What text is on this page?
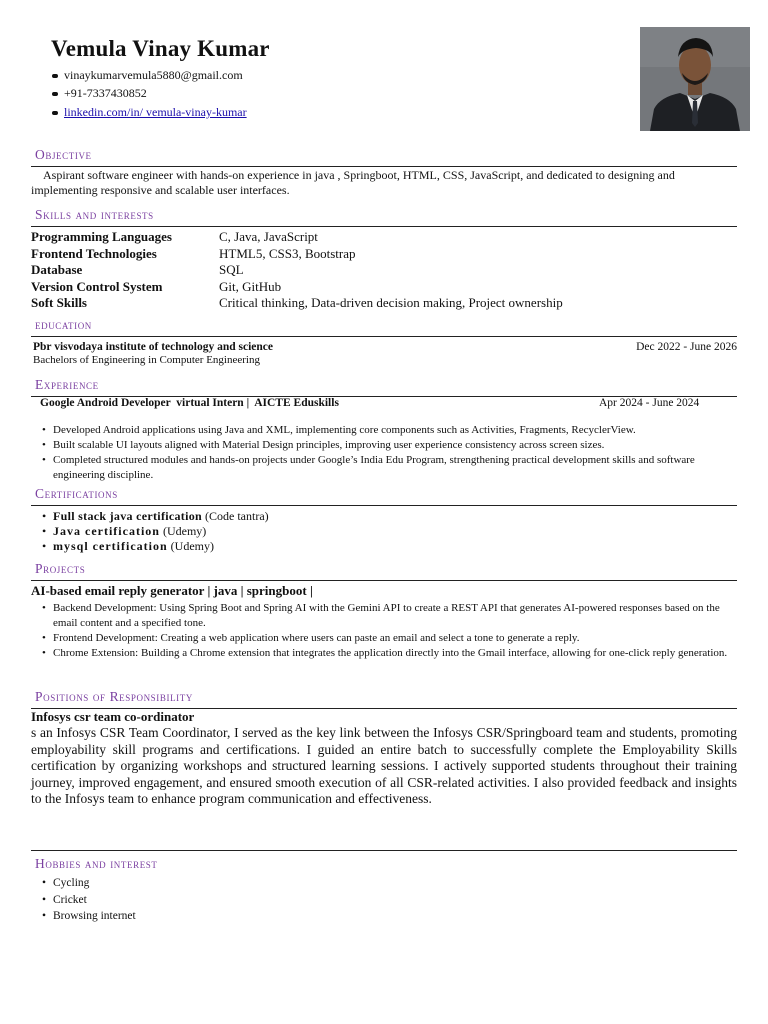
Vemula Vinay Kumar
vinaykumarvemula5880@gmail.com
+91-7337430852
linkedin.com/in/ vemula-vinay-kumar
Objective
Aspirant software engineer with hands-on experience in java , Springboot, HTML, CSS, JavaScript, and dedicated to designing and implementing responsive and scalable user interfaces.
Skills and interests
Programming Languages	C, Java, JavaScript
Frontend Technologies	HTML5, CSS3, Bootstrap
Database	SQL
Version Control System	Git, GitHub
Soft Skills	Critical thinking, Data-driven decision making, Project ownership
education
Pbr visvodaya institute of technology and science	Dec 2022 - June 2026
Bachelors of Engineering in Computer Engineering
Experience
Google Android Developer  virtual Intern |  AICTE Eduskills	Apr 2024 - June 2024
• Developed Android applications using Java and XML, implementing core components such as Activities, Fragments, RecyclerView.
• Built scalable UI layouts aligned with Material Design principles, improving user experience consistency across screen sizes.
• Completed structured modules and hands-on projects under Google’s India Edu Program, strengthening practical development skills and software engineering discipline.
Certifications
• Full stack java certification (Code tantra)
• Java certification (Udemy)
• mysql certification (Udemy)
Projects
AI-based email reply generator | java | springboot |
• Backend Development: Using Spring Boot and Spring AI with the Gemini API to create a REST API that generates AI-powered responses based on the email content and a specified tone.
• Frontend Development: Creating a web application where users can paste an email and select a tone to generate a reply.
• Chrome Extension: Building a Chrome extension that integrates the application directly into the Gmail interface, allowing for one-click reply generation.
Positions of Responsibility
Infosys csr team co-ordinator
s an Infosys CSR Team Coordinator, I served as the key link between the Infosys CSR/Springboard team and students, promoting employability skill programs and certifications. I guided an entire batch to successfully complete the Employability Skills certification by organizing workshops and structured learning sessions. I actively supported students throughout their training journey, improved engagement, and ensured smooth execution of all CSR-related activities. I also provided feedback and insights to the Infosys team to enhance program communication and effectiveness.
Hobbies and interest
• Cycling
• Cricket
• Browsing internet
